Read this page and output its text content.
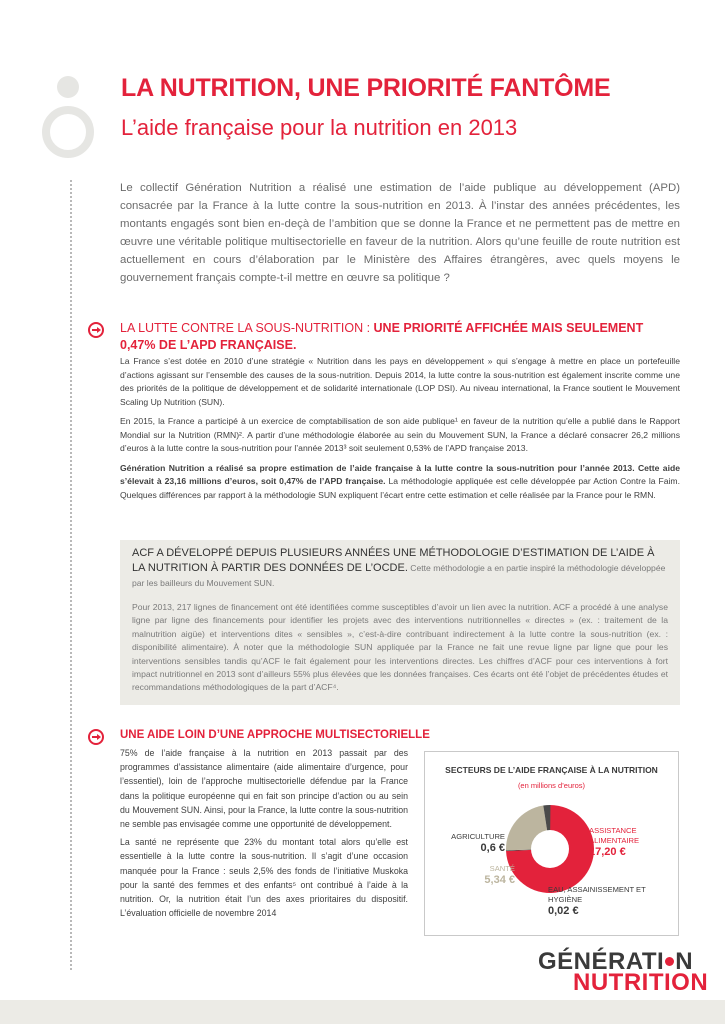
LA NUTRITION, UNE PRIORITÉ FANTÔME
L’aide française pour la nutrition en 2013
Le collectif Génération Nutrition a réalisé une estimation de l’aide publique au développement (APD) consacrée par la France à la lutte contre la sous-nutrition en 2013. À l’instar des années précédentes, les montants engagés sont bien en-deçà de l’ambition que se donne la France et ne permettent pas de mettre en œuvre une véritable politique multisectorielle en faveur de la nutrition. Alors qu’une feuille de route nutrition est actuellement en cours d’élaboration par le Ministère des Affaires étrangères, avec quels moyens le gouvernement français compte-t-il mettre en œuvre sa politique ?
LA LUTTE CONTRE LA SOUS-NUTRITION : UNE PRIORITÉ AFFICHÉE MAIS SEULEMENT 0,47% DE L’APD FRANÇAISE.

La France s’est dotée en 2010 d’une stratégie « Nutrition dans les pays en développement » qui s’engage à mettre en place un portefeuille d’actions agissant sur l’ensemble des causes de la sous-nutrition. Depuis 2014, la lutte contre la sous-nutrition est également inscrite comme une des priorités de la politique de développement et de solidarité internationale (LOP DSI). Au niveau international, la France soutient le Mouvement Scaling Up Nutrition (SUN).

En 2015, la France a participé à un exercice de comptabilisation de son aide publique¹ en faveur de la nutrition qu’elle a publié dans le Rapport Mondial sur la Nutrition (RMN)². A partir d’une méthodologie élaborée au sein du Mouvement SUN, la France a déclaré consacrer 26,2 millions d’euros à la lutte contre la sous-nutrition pour l’année 2013³ soit seulement 0,53% de l’APD française 2013.

Génération Nutrition a réalisé sa propre estimation de l’aide française à la lutte contre la sous-nutrition pour l’année 2013. Cette aide s’élevait à 23,16 millions d’euros, soit 0,47% de l’APD française. La méthodologie appliquée est celle développée par Action Contre la Faim. Quelques différences par rapport à la méthodologie SUN expliquent l’écart entre cette estimation et celle réalisée par la France pour le RMN.

ACF A DÉVELOPPÉ DEPUIS PLUSIEURS ANNÉES UNE MÉTHODOLOGIE D’ESTIMATION DE L’AIDE À LA NUTRITION À PARTIR DES DONNÉES DE L’OCDE. Cette méthodologie a en partie inspiré la méthodologie développée par les bailleurs du Mouvement SUN.
Pour 2013, 217 lignes de financement ont été identifiées comme susceptibles d’avoir un lien avec la nutrition. ACF a procédé à une analyse ligne par ligne des financements pour identifier les projets avec des interventions nutritionnelles « directes » (ex. : traitement de la malnutrition aigüe) et interventions dites « sensibles », c’est-à-dire contribuant indirectement à la lutte contre la sous-nutrition (ex. : disponibilité alimentaire). À noter que la méthodologie SUN appliquée par la France ne fait une revue ligne par ligne que pour les interventions sensibles tandis qu’ACF le fait également pour les interventions directes. Les chiffres d’ACF pour ces interventions à fort impact nutritionnel en 2013 sont d’ailleurs 55% plus élevées que les données françaises. Ces écarts ont été l’objet de précédentes études et recommandations méthodologiques de la part d’ACF⁴.
UNE AIDE LOIN D’UNE APPROCHE MULTISECTORIELLE

75% de l’aide française à la nutrition en 2013 passait par des programmes d’assistance alimentaire (aide alimentaire d’urgence, pour l’essentiel), loin de l’approche multisectorielle défendue par la France dans la politique européenne qui en fait son principe d’action ou au sein du Mouvement SUN. Ainsi, pour la France, la lutte contre la sous-nutrition ne semble pas envisagée comme une opportunité de développement.

La santé ne représente que 23% du montant total alors qu’elle est essentielle à la lutte contre la sous-nutrition. Il s’agit d’une occasion manquée pour la France : seuls 2,5% des fonds de l’initiative Muskoka pour la santé des femmes et des enfants⁵ ont contribué à l’aide à la nutrition. Or, la nutrition était l’un des axes prioritaires du dispositif. L’évaluation officielle de novembre 2014

SECTEURS DE L’AIDE FRANÇAISE À LA NUTRITION
(en millions d’euros)
ASSISTANCE ALIMENTAIRE
17,20 €
AGRICULTURE
0,6 €
SANTÉ
5,34 €
EAU, ASSAINISSEMENT ET HYGIÈNE
0,02 €
GÉNÉRATI N
NUTRITION
